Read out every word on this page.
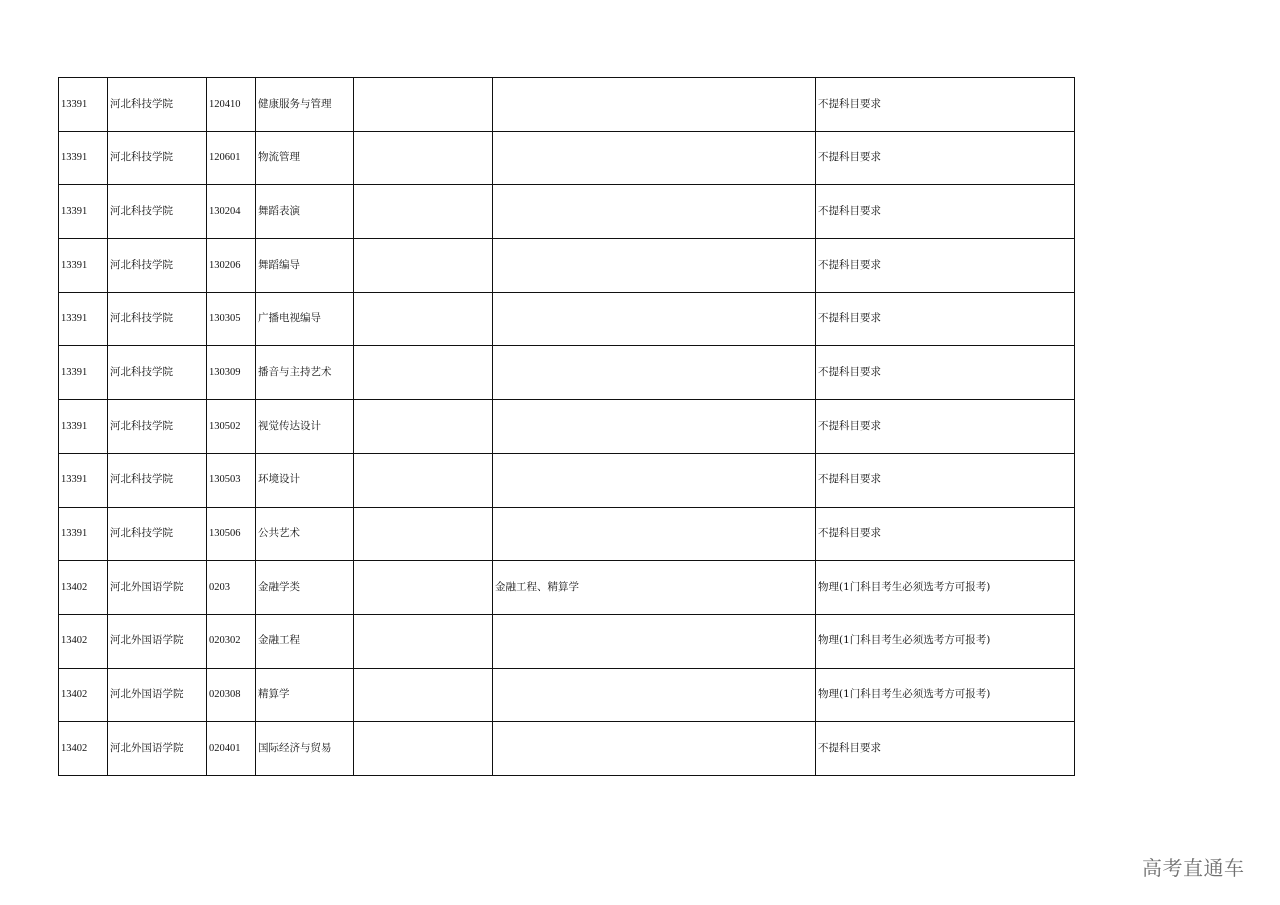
13391	河北科技学院	120410	健康服务与管理			不提科目要求
13391	河北科技学院	120601	物流管理			不提科目要求
13391	河北科技学院	130204	舞蹈表演			不提科目要求
13391	河北科技学院	130206	舞蹈编导			不提科目要求
13391	河北科技学院	130305	广播电视编导			不提科目要求
13391	河北科技学院	130309	播音与主持艺术			不提科目要求
13391	河北科技学院	130502	视觉传达设计			不提科目要求
13391	河北科技学院	130503	环境设计			不提科目要求
13391	河北科技学院	130506	公共艺术			不提科目要求
13402	河北外国语学院	0203	金融学类		金融工程、精算学	物理(1门科目考生必须选考方可报考)
13402	河北外国语学院	020302	金融工程			物理(1门科目考生必须选考方可报考)
13402	河北外国语学院	020308	精算学			物理(1门科目考生必须选考方可报考)
13402	河北外国语学院	020401	国际经济与贸易			不提科目要求
高考直通车
